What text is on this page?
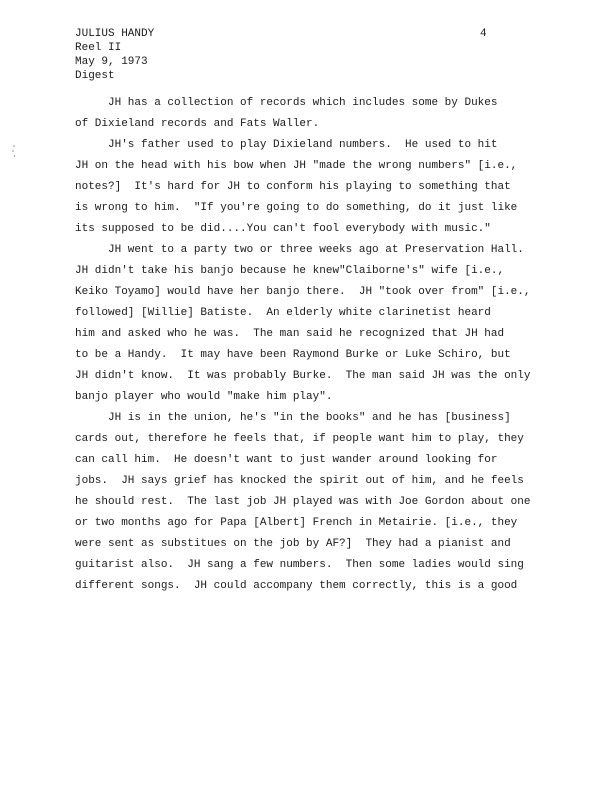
JULIUS HANDY
Reel II
May 9, 1973
Digest
4
JH has a collection of records which includes some by Dukes
of Dixieland records and Fats Waller.
JH's father used to play Dixieland numbers.  He used to hit
JH on the head with his bow when JH "made the wrong numbers" [i.e.,
notes?]  It's hard for JH to conform his playing to something that
is wrong to him.  "If you're going to do something, do it just like
its supposed to be did....You can't fool everybody with music."
JH went to a party two or three weeks ago at Preservation Hall.
JH didn't take his banjo because he knew"Claiborne's" wife [i.e.,
Keiko Toyamo] would have her banjo there.  JH "took over from" [i.e.,
followed] [Willie] Batiste.  An elderly white clarinetist heard
him and asked who he was.  The man said he recognized that JH had
to be a Handy.  It may have been Raymond Burke or Luke Schiro, but
JH didn't know.  It was probably Burke.  The man said JH was the only
banjo player who would "make him play".
JH is in the union, he's "in the books" and he has [business]
cards out, therefore he feels that, if people want him to play, they
can call him.  He doesn't want to just wander around looking for
jobs.  JH says grief has knocked the spirit out of him, and he feels
he should rest.  The last job JH played was with Joe Gordon about one
or two months ago for Papa [Albert] French in Metairie. [i.e., they
were sent as substitues on the job by AF?]  They had a pianist and
guitarist also.  JH sang a few numbers.  Then some ladies would sing
different songs.  JH could accompany them correctly, this is a good
